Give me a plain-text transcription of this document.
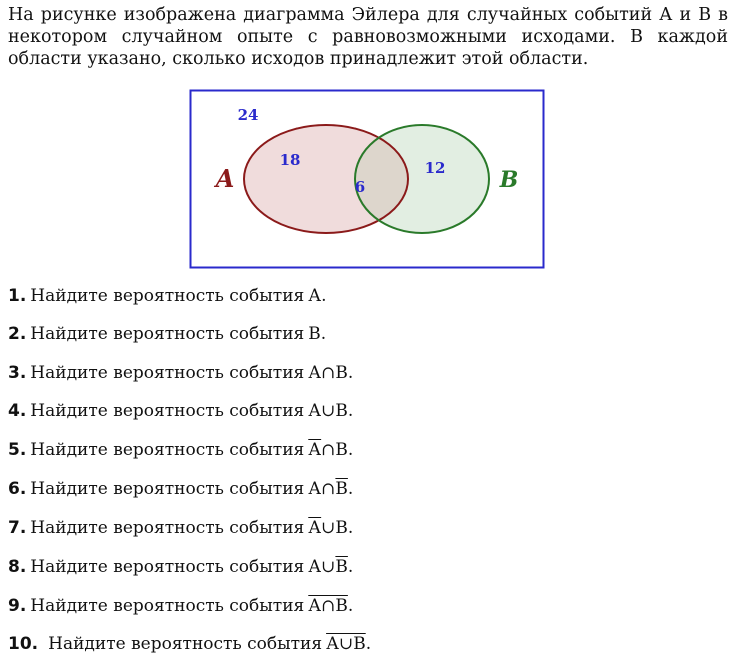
На рисунке изображена диаграмма Эйлера для случайных событий А и В в
некотором случайном опыте с равновозможными исходами. В каждой
области указано, сколько исходов принадлежит этой области.
24
18
6
12
A	B
1. Найдите вероятность события А.
2. Найдите вероятность события В.
3. Найдите вероятность события А∩В.
4. Найдите вероятность события А∪В.
5. Найдите вероятность события А∩В.
6. Найдите вероятность события А∩В.
7. Найдите вероятность события А∪В.
8. Найдите вероятность события А∪В.
9. Найдите вероятность события А∩В.
10. Найдите вероятность события А∪В.
